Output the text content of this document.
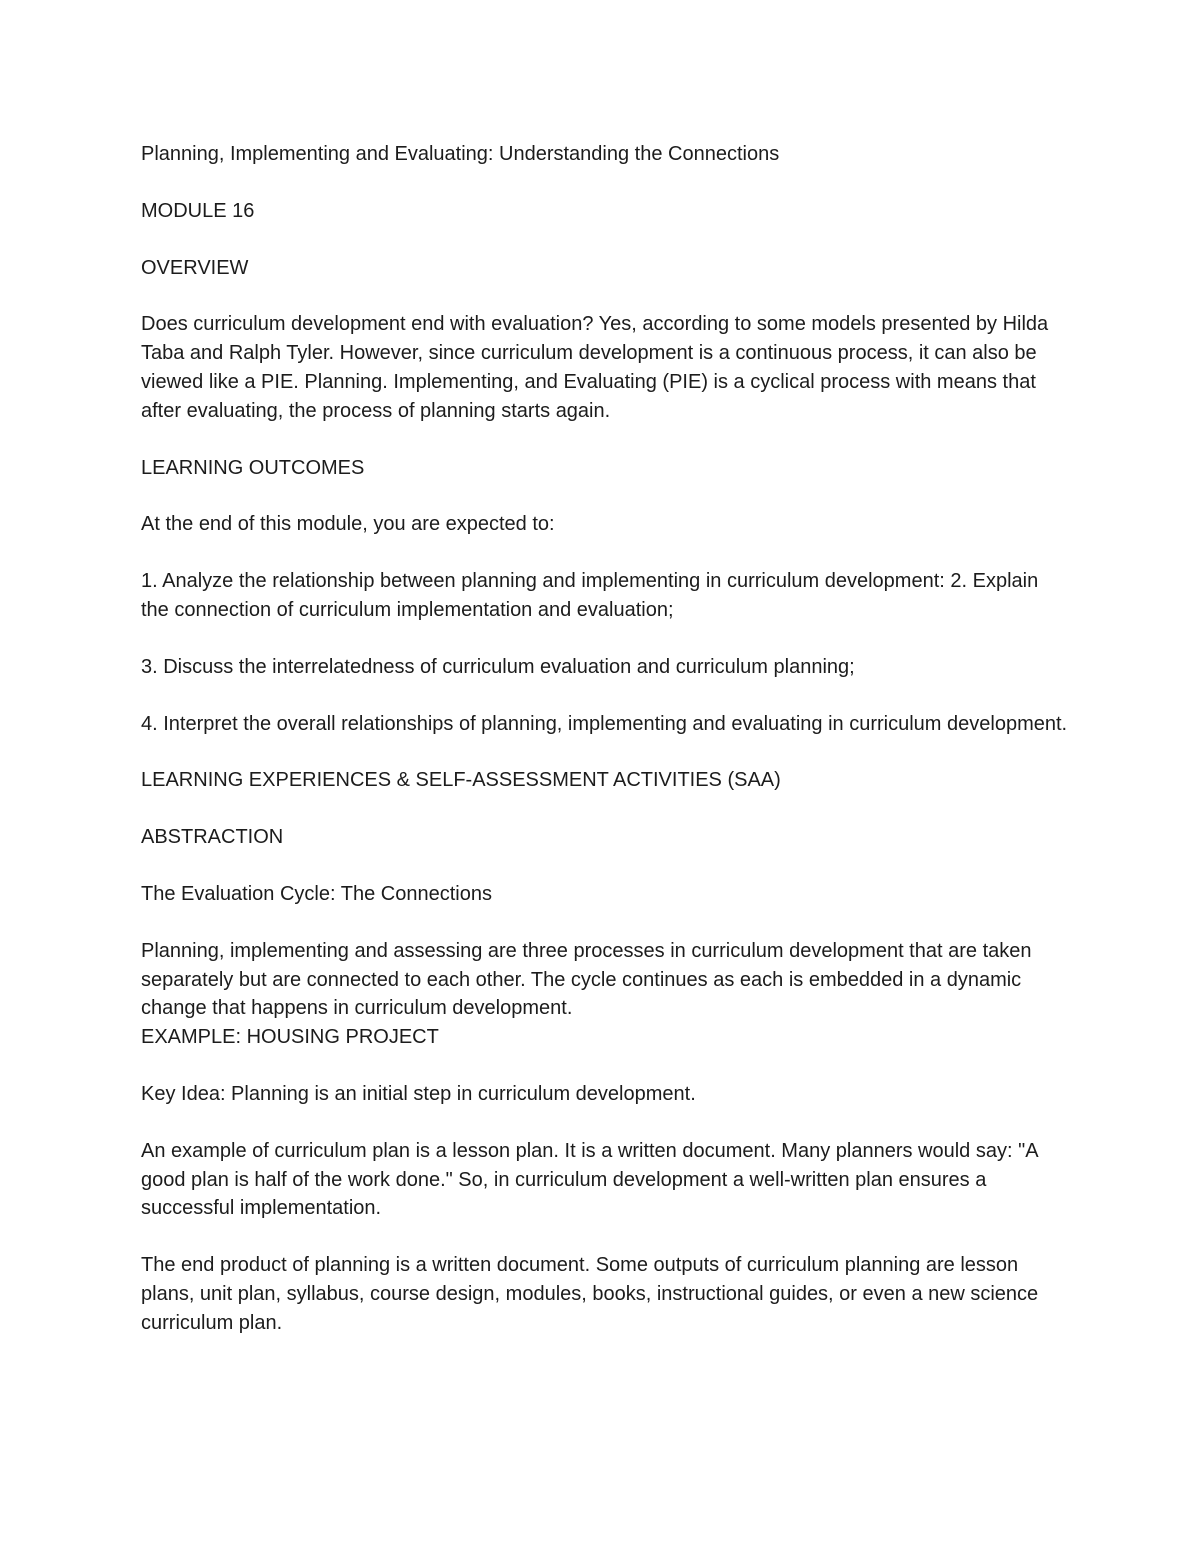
Planning, Implementing and Evaluating: Understanding the Connections

MODULE 16

OVERVIEW

Does curriculum development end with evaluation? Yes, according to some models presented by Hilda Taba and Ralph Tyler. However, since curriculum development is a continuous process, it can also be viewed like a PIE. Planning. Implementing, and Evaluating (PIE) is a cyclical process with means that after evaluating, the process of planning starts again.

LEARNING OUTCOMES

At the end of this module, you are expected to:

1. Analyze the relationship between planning and implementing in curriculum development: 2. Explain the connection of curriculum implementation and evaluation;

3. Discuss the interrelatedness of curriculum evaluation and curriculum planning;

4. Interpret the overall relationships of planning, implementing and evaluating in curriculum development.

LEARNING EXPERIENCES & SELF-ASSESSMENT ACTIVITIES (SAA)

ABSTRACTION

The Evaluation Cycle: The Connections

Planning, implementing and assessing are three processes in curriculum development that are taken separately but are connected to each other. The cycle continues as each is embedded in a dynamic change that happens in curriculum development.

EXAMPLE: HOUSING PROJECT

Key Idea: Planning is an initial step in curriculum development.

An example of curriculum plan is a lesson plan. It is a written document. Many planners would say: "A good plan is half of the work done." So, in curriculum development a well-written plan ensures a successful implementation.

The end product of planning is a written document. Some outputs of curriculum planning are lesson plans, unit plan, syllabus, course design, modules, books, instructional guides, or even a new science curriculum plan.
